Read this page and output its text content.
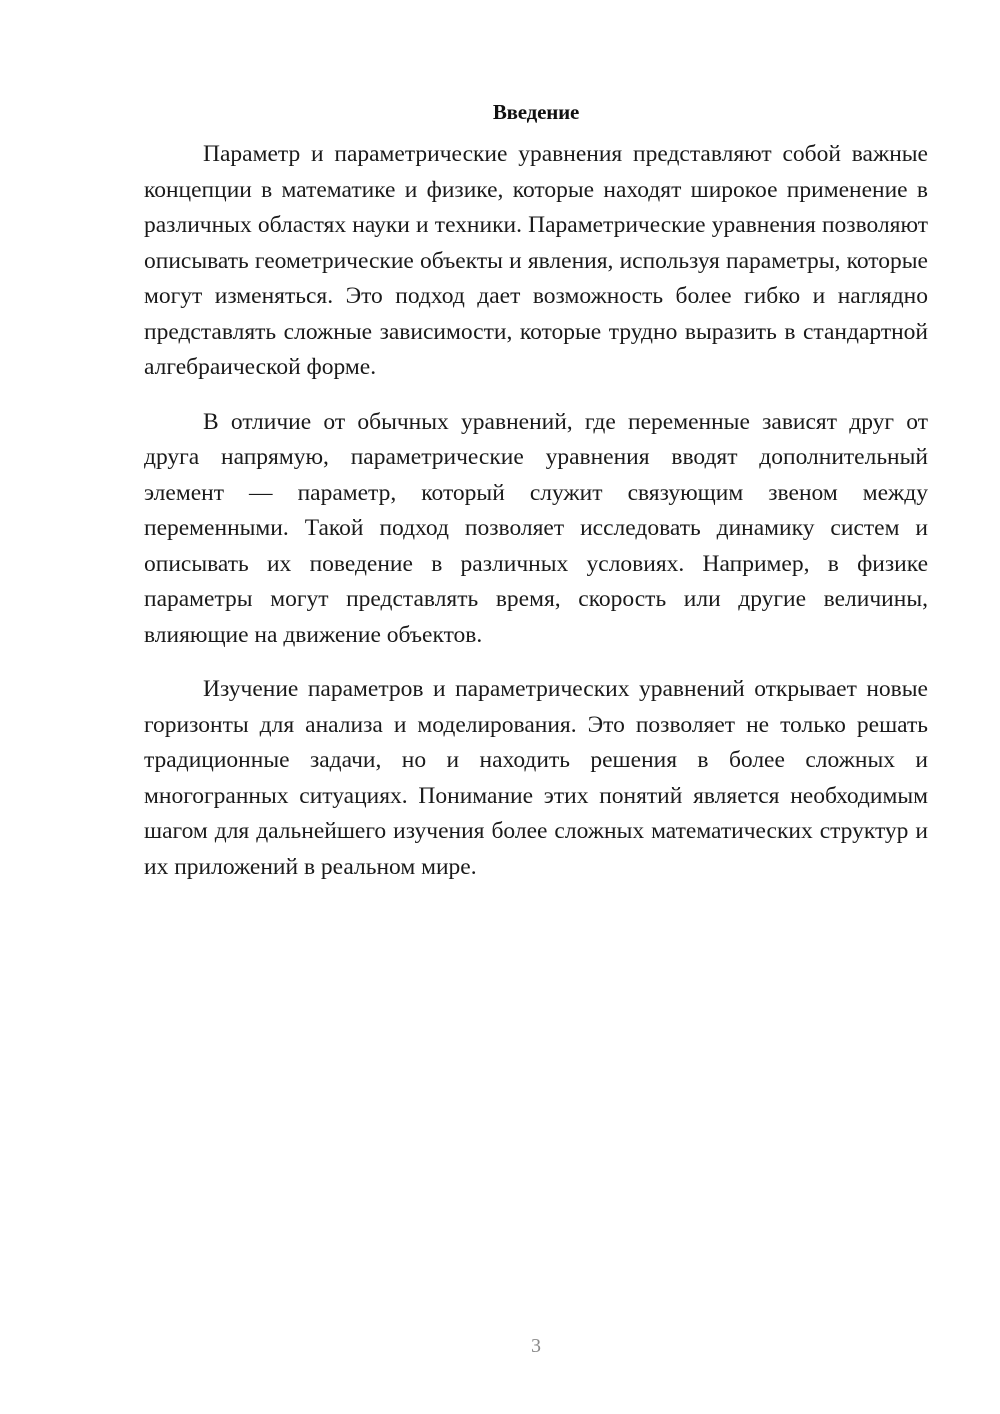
Введение

Параметр и параметрические уравнения представляют собой важные концепции в математике и физике, которые находят широкое применение в различных областях науки и техники. Параметрические уравнения позволяют описывать геометрические объекты и явления, используя параметры, которые могут изменяться. Это подход дает возможность более гибко и наглядно представлять сложные зависимости, которые трудно выразить в стандартной алгебраической форме.

В отличие от обычных уравнений, где переменные зависят друг от друга напрямую, параметрические уравнения вводят дополнительный элемент — параметр, который служит связующим звеном между переменными. Такой подход позволяет исследовать динамику систем и описывать их поведение в различных условиях. Например, в физике параметры могут представлять время, скорость или другие величины, влияющие на движение объектов.

Изучение параметров и параметрических уравнений открывает новые горизонты для анализа и моделирования. Это позволяет не только решать традиционные задачи, но и находить решения в более сложных и многогранных ситуациях. Понимание этих понятий является необходимым шагом для дальнейшего изучения более сложных математических структур и их приложений в реальном мире.

3
